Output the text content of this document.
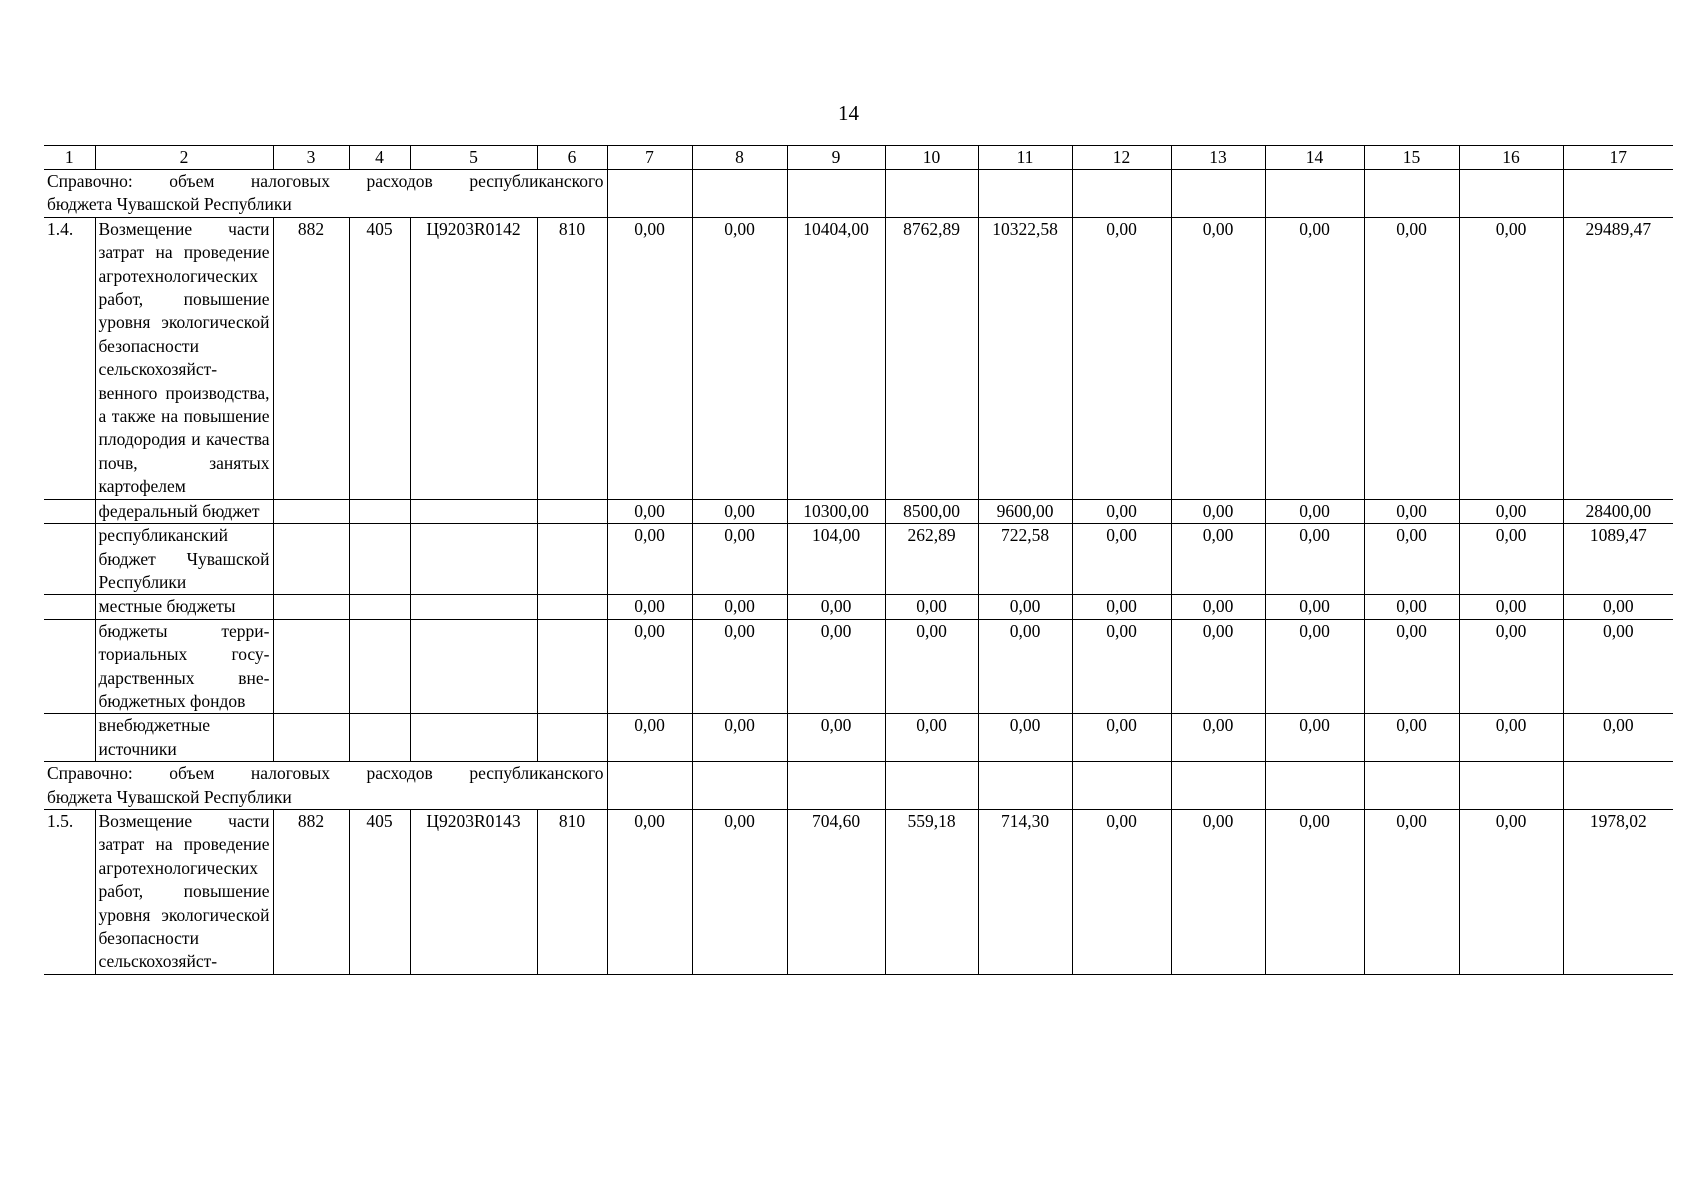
14
1	2	3	4	5	6	7	8	9	10	11	12	13	14	15	16	17
Справочно: объем налоговых расходов республиканского

бюджета Чувашской Республики																

1.4.	Возмещение части затрат на проведение агротехнологических работ, повышение уровня экологической безопасности сельскохозяйственного производства, а также на повышение плодородия и качества почв, занятых картофелем	882	405	Ц9203R0142	810	0,00	0,00	10404,00	8762,89	10322,58	0,00	0,00	0,00	0,00	0,00	29489,47
	федеральный бюджет					0,00	0,00	10300,00	8500,00	9600,00	0,00	0,00	0,00	0,00	0,00	28400,00
	республиканский бюджет Чувашской Республики					0,00	0,00	104,00	262,89	722,58	0,00	0,00	0,00	0,00	0,00	1089,47
	местные бюджеты					0,00	0,00	0,00	0,00	0,00	0,00	0,00	0,00	0,00	0,00	0,00
	бюджеты территориальных государственных внебюджетных фондов					0,00	0,00	0,00	0,00	0,00	0,00	0,00	0,00	0,00	0,00	0,00
	внебюджетные источники					0,00	0,00	0,00	0,00	0,00	0,00	0,00	0,00	0,00	0,00	0,00
Справочно: объем налоговых расходов республиканского

бюджета Чувашской Республики																

1.5.	Возмещение части затрат на проведение агротехнологических работ, повышение уровня экологической безопасности сельскохозяйст-	882	405	Ц9203R0143	810	0,00	0,00	704,60	559,18	714,30	0,00	0,00	0,00	0,00	0,00	1978,02
